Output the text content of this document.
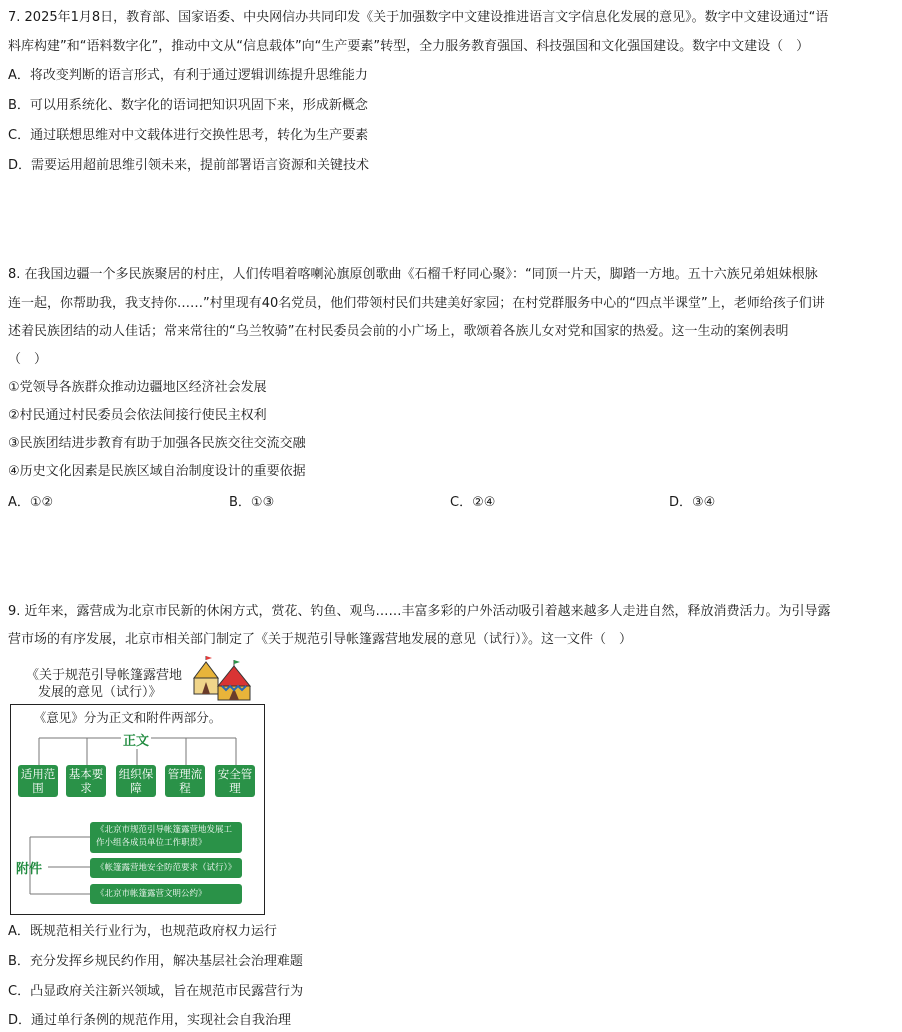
7. 2025年1月8日，教育部、国家语委、中央网信办共同印发《关于加强数字中文建设推进语言文字信息化发展的意见》。数字中文建设通过“语
料库构建”和“语料数字化”，推动中文从“信息载体”向“生产要素”转型，全力服务教育强国、科技强国和文化强国建设。数字中文建设（　）
A．将改变判断的语言形式，有利于通过逻辑训练提升思维能力
B．可以用系统化、数字化的语词把知识巩固下来，形成新概念
C．通过联想思维对中文载体进行交换性思考，转化为生产要素
D．需要运用超前思维引领未来，提前部署语言资源和关键技术
8. 在我国边疆一个多民族聚居的村庄，人们传唱着喀喇沁旗原创歌曲《石榴千籽同心聚》：“同顶一片天，脚踏一方地。五十六族兄弟姐妹根脉
连一起，你帮助我，我支持你……”村里现有40名党员，他们带领村民们共建美好家园；在村党群服务中心的“四点半课堂”上，老师给孩子们讲
述着民族团结的动人佳话；常来常往的“乌兰牧骑”在村民委员会前的小广场上，歌颂着各族儿女对党和国家的热爱。这一生动的案例表明
（　）
①党领导各族群众推动边疆地区经济社会发展
②村民通过村民委员会依法间接行使民主权利
③民族团结进步教育有助于加强各民族交往交流交融
④历史文化因素是民族区域自治制度设计的重要依据
A．①②	B．①③	C．②④	D．③④
9. 近年来，露营成为北京市民新的休闲方式，赏花、钓鱼、观鸟……丰富多彩的户外活动吸引着越来越多人走进自然，释放消费活力。为引导露
营市场的有序发展，北京市相关部门制定了《关于规范引导帐篷露营地发展的意见（试行）》。这一文件（　）
《关于规范引导帐篷露营地
发展的意见（试行）》
《意见》分为正文和附件两部分。
正文
适用范围
基本要求
组织保障
管理流程
安全管理
附件
《北京市规范引导帐篷露营地发展工作小组各成员单位工作职责》
《帐篷露营地安全防范要求（试行）》
《北京市帐篷露营文明公约》
A．既规范相关行业行为，也规范政府权力运行
B．充分发挥乡规民约作用，解决基层社会治理难题
C．凸显政府关注新兴领域，旨在规范市民露营行为
D．通过单行条例的规范作用，实现社会自我治理
